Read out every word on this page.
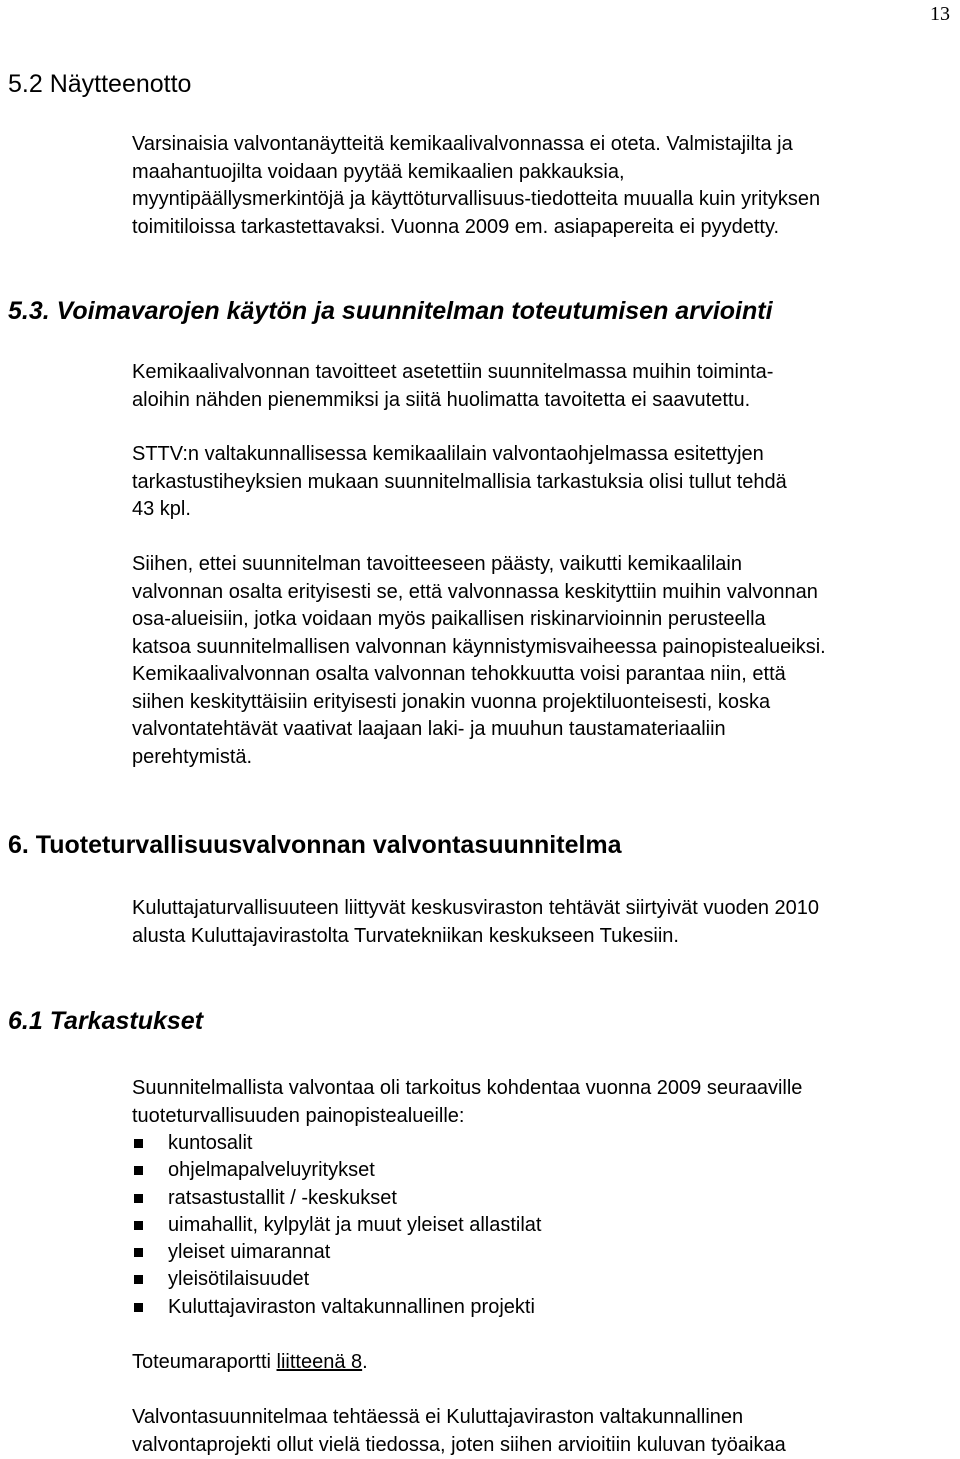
13
5.2 Näytteenotto

Varsinaisia valvontanäytteitä kemikaalivalvonnassa ei oteta. Valmistajilta ja
maahantuojilta voidaan pyytää kemikaalien pakkauksia,
myyntipäällysmerkintöjä ja käyttöturvallisuus-tiedotteita muualla kuin yrityksen
toimitiloissa tarkastettavaksi. Vuonna 2009 em. asiapapereita ei pyydetty.

5.3. Voimavarojen käytön ja suunnitelman toteutumisen arviointi

Kemikaalivalvonnan tavoitteet asetettiin suunnitelmassa muihin toiminta-
aloihin nähden pienemmiksi ja siitä huolimatta tavoitetta ei saavutettu.

STTV:n valtakunnallisessa kemikaalilain valvontaohjelmassa esitettyjen
tarkastustiheyksien mukaan suunnitelmallisia tarkastuksia olisi tullut tehdä
43 kpl.

Siihen, ettei suunnitelman tavoitteeseen päästy, vaikutti kemikaalilain
valvonnan osalta erityisesti se, että valvonnassa keskityttiin muihin valvonnan
osa-alueisiin, jotka voidaan myös paikallisen riskinarvioinnin perusteella
katsoa suunnitelmallisen valvonnan käynnistymisvaiheessa painopistealueiksi.
Kemikaalivalvonnan osalta valvonnan tehokkuutta voisi parantaa niin, että
siihen keskityttäisiin erityisesti jonakin vuonna projektiluonteisesti, koska
valvontatehtävät vaativat laajaan laki- ja muuhun taustamateriaaliin
perehtymistä.

6. Tuoteturvallisuusvalvonnan valvontasuunnitelma

Kuluttajaturvallisuuteen liittyvät keskusviraston tehtävät siirtyivät vuoden 2010
alusta Kuluttajavirastolta Turvatekniikan keskukseen Tukesiin.

6.1 Tarkastukset

Suunnitelmallista valvontaa oli tarkoitus kohdentaa vuonna 2009 seuraaville
tuoteturvallisuuden painopistealueille:

kuntosalit
ohjelmapalveluyritykset
ratsastustallit / -keskukset
uimahallit, kylpylät ja muut yleiset allastilat
yleiset uimarannat
yleisötilaisuudet
Kuluttajaviraston valtakunnallinen projekti

Toteumaraportti liitteenä 8.

Valvontasuunnitelmaa tehtäessä ei Kuluttajaviraston valtakunnallinen
valvontaprojekti ollut vielä tiedossa, joten siihen arvioitiin kuluvan työaikaa
